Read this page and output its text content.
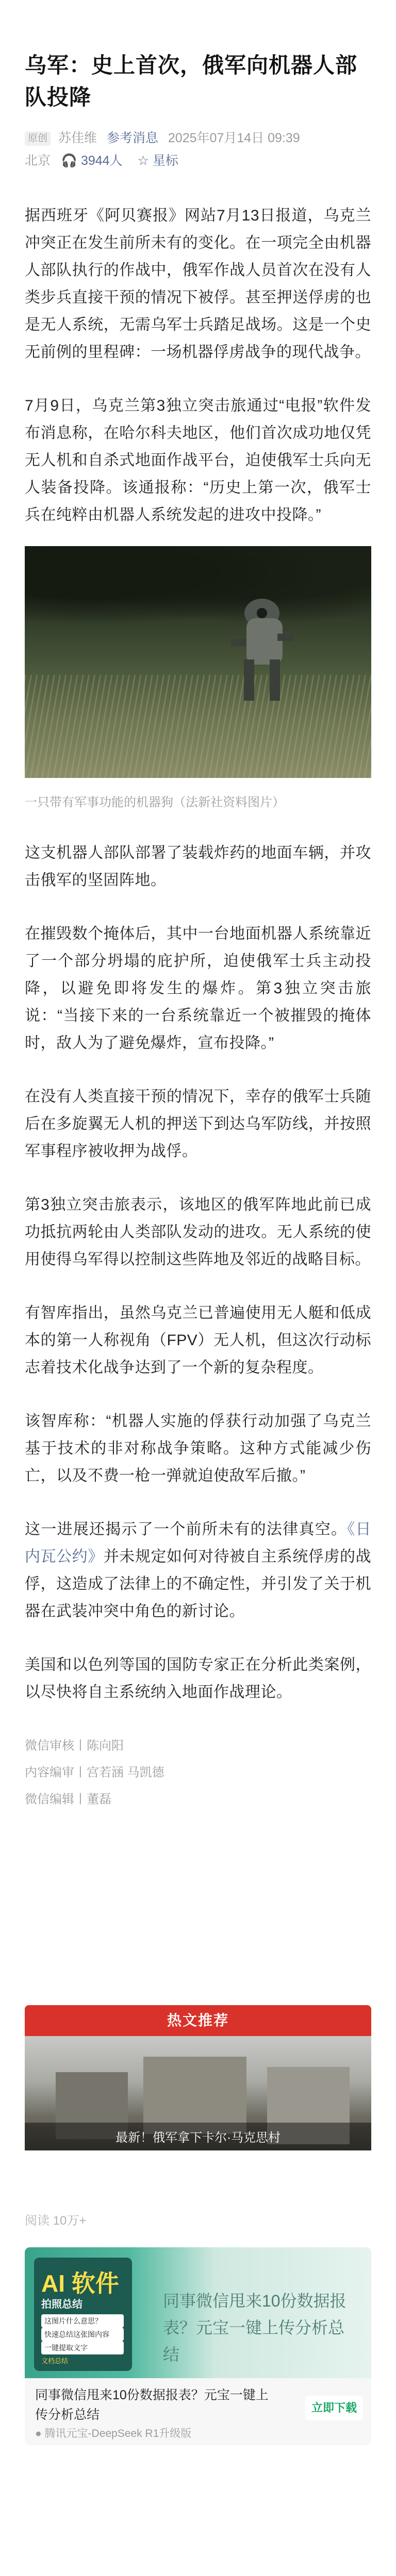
乌军：史上首次，俄军向机器人部队投降
原创 苏佳维 参考消息 2025年07月14日 09:39
北京   🎧 3944人 ☆ 星标

据西班牙《阿贝赛报》网站7月13日报道，乌克兰冲突正在发生前所未有的变化。在一项完全由机器人部队执行的作战中，俄军作战人员首次在没有人类步兵直接干预的情况下被俘。甚至押送俘虏的也是无人系统，无需乌军士兵踏足战场。这是一个史无前例的里程碑：一场机器俘虏战争的现代战争。

7月9日，乌克兰第3独立突击旅通过“电报”软件发布消息称，在哈尔科夫地区，他们首次成功地仅凭无人机和自杀式地面作战平台，迫使俄军士兵向无人装备投降。该通报称：“历史上第一次，俄军士兵在纯粹由机器人系统发起的进攻中投降。”

一只带有军事功能的机器狗（法新社资料图片）

这支机器人部队部署了装载炸药的地面车辆，并攻击俄军的坚固阵地。

在摧毁数个掩体后，其中一台地面机器人系统靠近了一个部分坍塌的庇护所，迫使俄军士兵主动投降，以避免即将发生的爆炸。第3独立突击旅说：“当接下来的一台系统靠近一个被摧毁的掩体时，敌人为了避免爆炸，宣布投降。”

在没有人类直接干预的情况下，幸存的俄军士兵随后在多旋翼无人机的押送下到达乌军防线，并按照军事程序被收押为战俘。

第3独立突击旅表示，该地区的俄军阵地此前已成功抵抗两轮由人类部队发动的进攻。无人系统的使用使得乌军得以控制这些阵地及邻近的战略目标。

有智库指出，虽然乌克兰已普遍使用无人艇和低成本的第一人称视角（FPV）无人机，但这次行动标志着技术化战争达到了一个新的复杂程度。

该智库称：“机器人实施的俘获行动加强了乌克兰基于技术的非对称战争策略。这种方式能减少伤亡，以及不费一枪一弹就迫使敌军后撤。”

这一进展还揭示了一个前所未有的法律真空。《日内瓦公约》并未规定如何对待被自主系统俘虏的战俘，这造成了法律上的不确定性，并引发了关于机器在武装冲突中角色的新讨论。

美国和以色列等国的国防专家正在分析此类案例，以尽快将自主系统纳入地面作战理论。

微信审核丨陈向阳
内容编审丨宫若涵 马凯德
微信编辑丨董磊
热文推荐
最新！俄军拿下卡尔·马克思村
阅读 10万+
AI 软件
拍照总结
这图片什么意思？
快速总结这张图内容
一键提取文字
文档总结
同事微信甩来10份数据报表？元宝一键上传分析总结
同事微信甩来10份数据报表？元宝一键上传分析总结
● 腾讯元宝-DeepSeek R1升级版
立即下载
